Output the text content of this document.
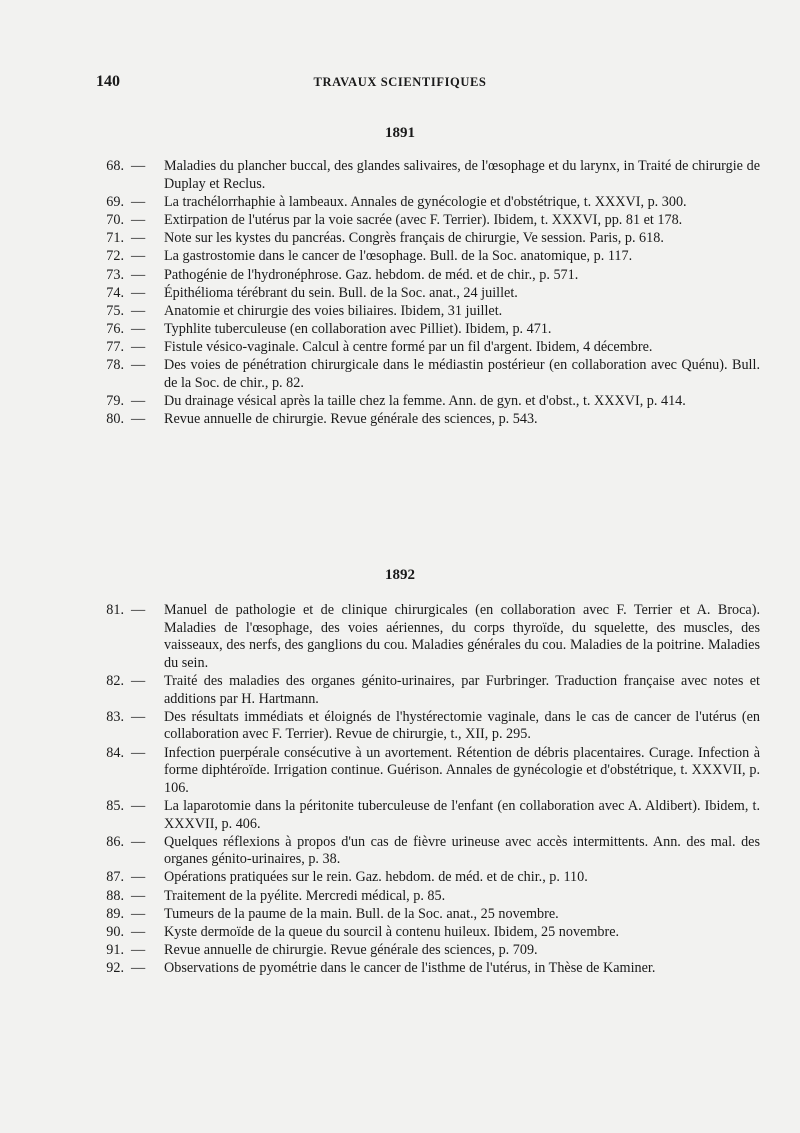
140	TRAVAUX SCIENTIFIQUES
1891
68. — Maladies du plancher buccal, des glandes salivaires, de l'œsophage et du larynx, in Traité de chirurgie de Duplay et Reclus.
69. — La trachélorrhaphie à lambeaux. Annales de gynécologie et d'obstétrique, t. XXXVI, p. 300.
70. — Extirpation de l'utérus par la voie sacrée (avec F. Terrier). Ibidem, t. XXXVI, pp. 81 et 178.
71. — Note sur les kystes du pancréas. Congrès français de chirurgie, Ve session. Paris, p. 618.
72. — La gastrostomie dans le cancer de l'œsophage. Bull. de la Soc. anatomique, p. 117.
73. — Pathogénie de l'hydronéphrose. Gaz. hebdom. de méd. et de chir., p. 571.
74. — Épithélioma térébrant du sein. Bull. de la Soc. anat., 24 juillet.
75. — Anatomie et chirurgie des voies biliaires. Ibidem, 31 juillet.
76. — Typhlite tuberculeuse (en collaboration avec Pilliet). Ibidem, p. 471.
77. — Fistule vésico-vaginale. Calcul à centre formé par un fil d'argent. Ibidem, 4 décembre.
78. — Des voies de pénétration chirurgicale dans le médiastin postérieur (en collaboration avec Quénu). Bull. de la Soc. de chir., p. 82.
79. — Du drainage vésical après la taille chez la femme. Ann. de gyn. et d'obst., t. XXXVI, p. 414.
80. — Revue annuelle de chirurgie. Revue générale des sciences, p. 543.
1892
81. — Manuel de pathologie et de clinique chirurgicales (en collaboration avec F. Terrier et A. Broca). Maladies de l'œsophage, des voies aériennes, du corps thyroïde, du squelette, des muscles, des vaisseaux, des nerfs, des ganglions du cou. Maladies générales du cou. Maladies de la poitrine. Maladies du sein.
82. — Traité des maladies des organes génito-urinaires, par Furbringer. Traduction française avec notes et additions par H. Hartmann.
83. — Des résultats immédiats et éloignés de l'hystérectomie vaginale, dans le cas de cancer de l'utérus (en collaboration avec F. Terrier). Revue de chirurgie, t., XII, p. 295.
84. — Infection puerpérale consécutive à un avortement. Rétention de débris placentaires. Curage. Infection à forme diphtéroïde. Irrigation continue. Guérison. Annales de gynécologie et d'obstétrique, t. XXXVII, p. 106.
85. — La laparotomie dans la péritonite tuberculeuse de l'enfant (en collaboration avec A. Aldibert). Ibidem, t. XXXVII, p. 406.
86. — Quelques réflexions à propos d'un cas de fièvre urineuse avec accès intermittents. Ann. des mal. des organes génito-urinaires, p. 38.
87. — Opérations pratiquées sur le rein. Gaz. hebdom. de méd. et de chir., p. 110.
88. — Traitement de la pyélite. Mercredi médical, p. 85.
89. — Tumeurs de la paume de la main. Bull. de la Soc. anat., 25 novembre.
90. — Kyste dermoïde de la queue du sourcil à contenu huileux. Ibidem, 25 novembre.
91. — Revue annuelle de chirurgie. Revue générale des sciences, p. 709.
92. — Observations de pyométrie dans le cancer de l'isthme de l'utérus, in Thèse de Kaminer.
